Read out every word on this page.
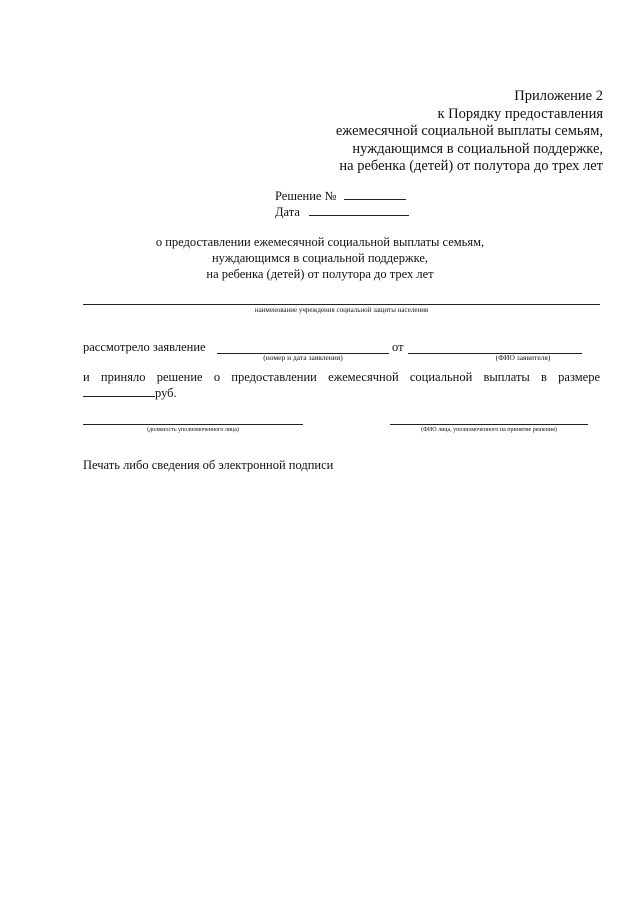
Приложение 2
к Порядку предоставления
ежемесячной социальной выплаты семьям,
нуждающимся в социальной поддержке,
на ребенка (детей) от полутора до трех лет
Решение №
Дата
о предоставлении ежемесячной социальной выплаты семьям,
нуждающимся в социальной поддержке,
на ребенка (детей) от полутора до трех лет
наименование учреждения социальной защиты населения
рассмотрело заявление
(номер и дата заявления)
от
(ФИО заявителя)
и приняло решение о предоставлении ежемесячной социальной выплаты в размере
руб.
(должность уполномоченного лица)	(ФИО лица, уполномоченного на принятие решения)
Печать либо сведения об электронной подписи
